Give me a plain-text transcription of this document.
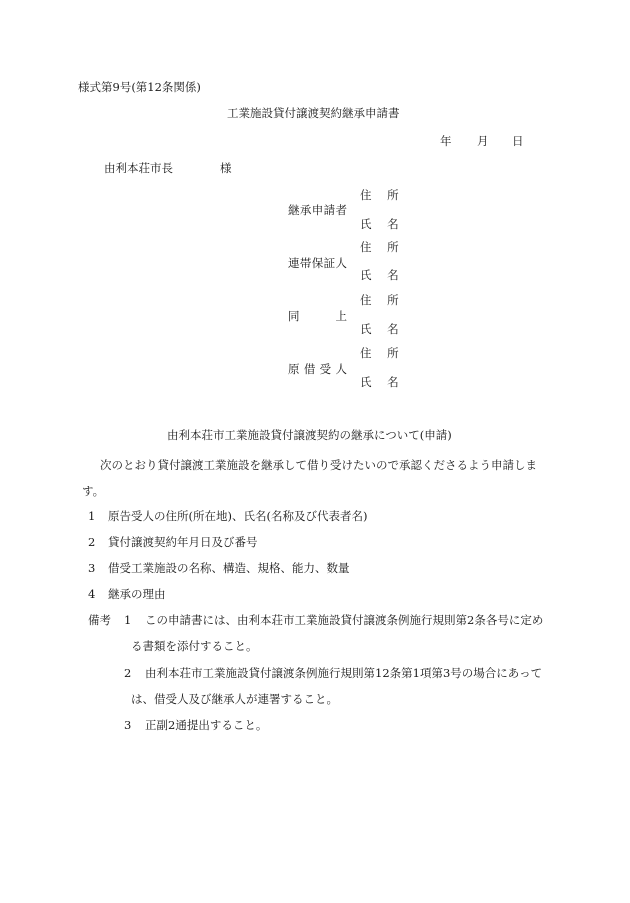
様式第9号(第12条関係)
工業施設貸付譲渡契約継承申請書
年 月 日
由利本荘市長	様
継承申請者
住 所
氏 名
連帯保証人
住 所
氏 名
同 上
住 所
氏 名
原借受人
住 所
氏 名
由利本荘市工業施設貸付譲渡契約の継承について(申請)
次のとおり貸付譲渡工業施設を継承して借り受けたいので承認くださるよう申請しま
す。
1 原告受人の住所(所在地)、氏名(名称及び代表者名)
2 貸付譲渡契約年月日及び番号
3 借受工業施設の名称、構造、規格、能力、数量
4 継承の理由
備考 1 この申請書には、由利本荘市工業施設貸付譲渡条例施行規則第2条各号に定め
る書類を添付すること。
2 由利本荘市工業施設貸付譲渡条例施行規則第12条第1項第3号の場合にあって
は、借受人及び継承人が連署すること。
3 正副2通提出すること。
